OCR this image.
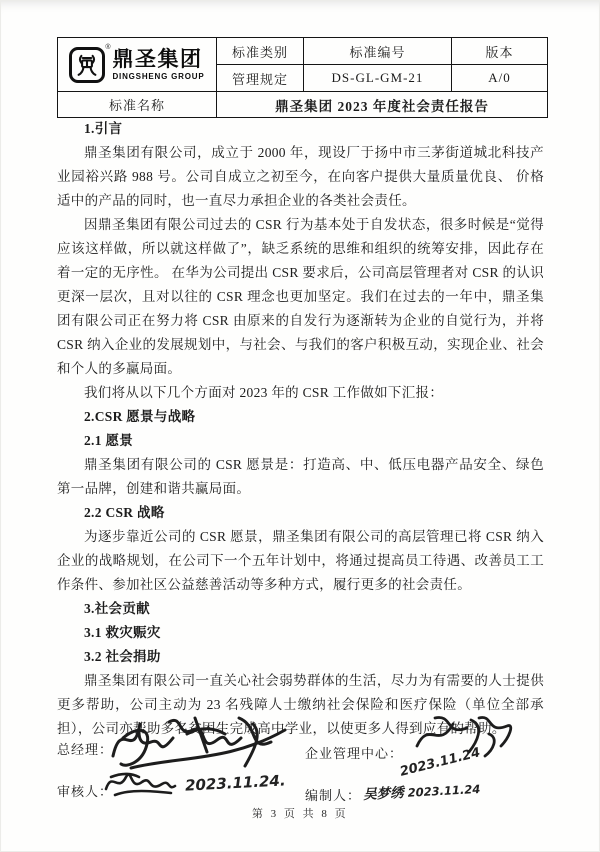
®
鼎圣集团
DINGSHENG GROUP	标准类别	标准编号	版本
	管理规定	DS-GL-GM-21	A/0
标准名称	鼎圣集团 2023 年度社会责任报告		

1.引言

鼎圣集团有限公司，成立于 2000 年，现设厂于扬中市三茅街道城北科技产业园裕兴路 988 号。公司自成立之初至今，在向客户提供大量质量优良、 价格适中的产品的同时，也一直尽力承担企业的各类社会责任。

因鼎圣集团有限公司过去的 CSR 行为基本处于自发状态，很多时候是“觉得应该这样做，所以就这样做了”，缺乏系统的思维和组织的统筹安排，因此存在着一定的无序性。 在华为公司提出 CSR 要求后，公司高层管理者对 CSR 的认识更深一层次，且对以往的 CSR 理念也更加坚定。我们在过去的一年中，鼎圣集团有限公司正在努力将 CSR 由原来的自发行为逐渐转为企业的自觉行为，并将 CSR 纳入企业的发展规划中，与社会、与我们的客户积极互动，实现企业、社会和个人的多赢局面。

我们将从以下几个方面对 2023 年的 CSR 工作做如下汇报：

2.CSR 愿景与战略

2.1 愿景

鼎圣集团有限公司的 CSR 愿景是：打造高、中、低压电器产品安全、绿色第一品牌，创建和谐共赢局面。

2.2 CSR 战略

为逐步靠近公司的 CSR 愿景，鼎圣集团有限公司的高层管理已将 CSR 纳入企业的战略规划，在公司下一个五年计划中，将通过提高员工待遇、改善员工工作条件、参加社区公益慈善活动等多种方式，履行更多的社会责任。

3.社会贡献

3.1 救灾赈灾

3.2 社会捐助

鼎圣集团有限公司一直关心社会弱势群体的生活，尽力为有需要的人士提供更多帮助，公司主动为 23 名残障人士缴纳社会保险和医疗保险（单位全部承担），公司亦帮助多名贫困生完成高中学业，以使更多人得到应有的帮助。

总经理：
审核人：	2023.11.24.
企业管理中心：
2023.11.24
编制人： 吴梦绣 2023.11.24
第 3 页 共 8 页
